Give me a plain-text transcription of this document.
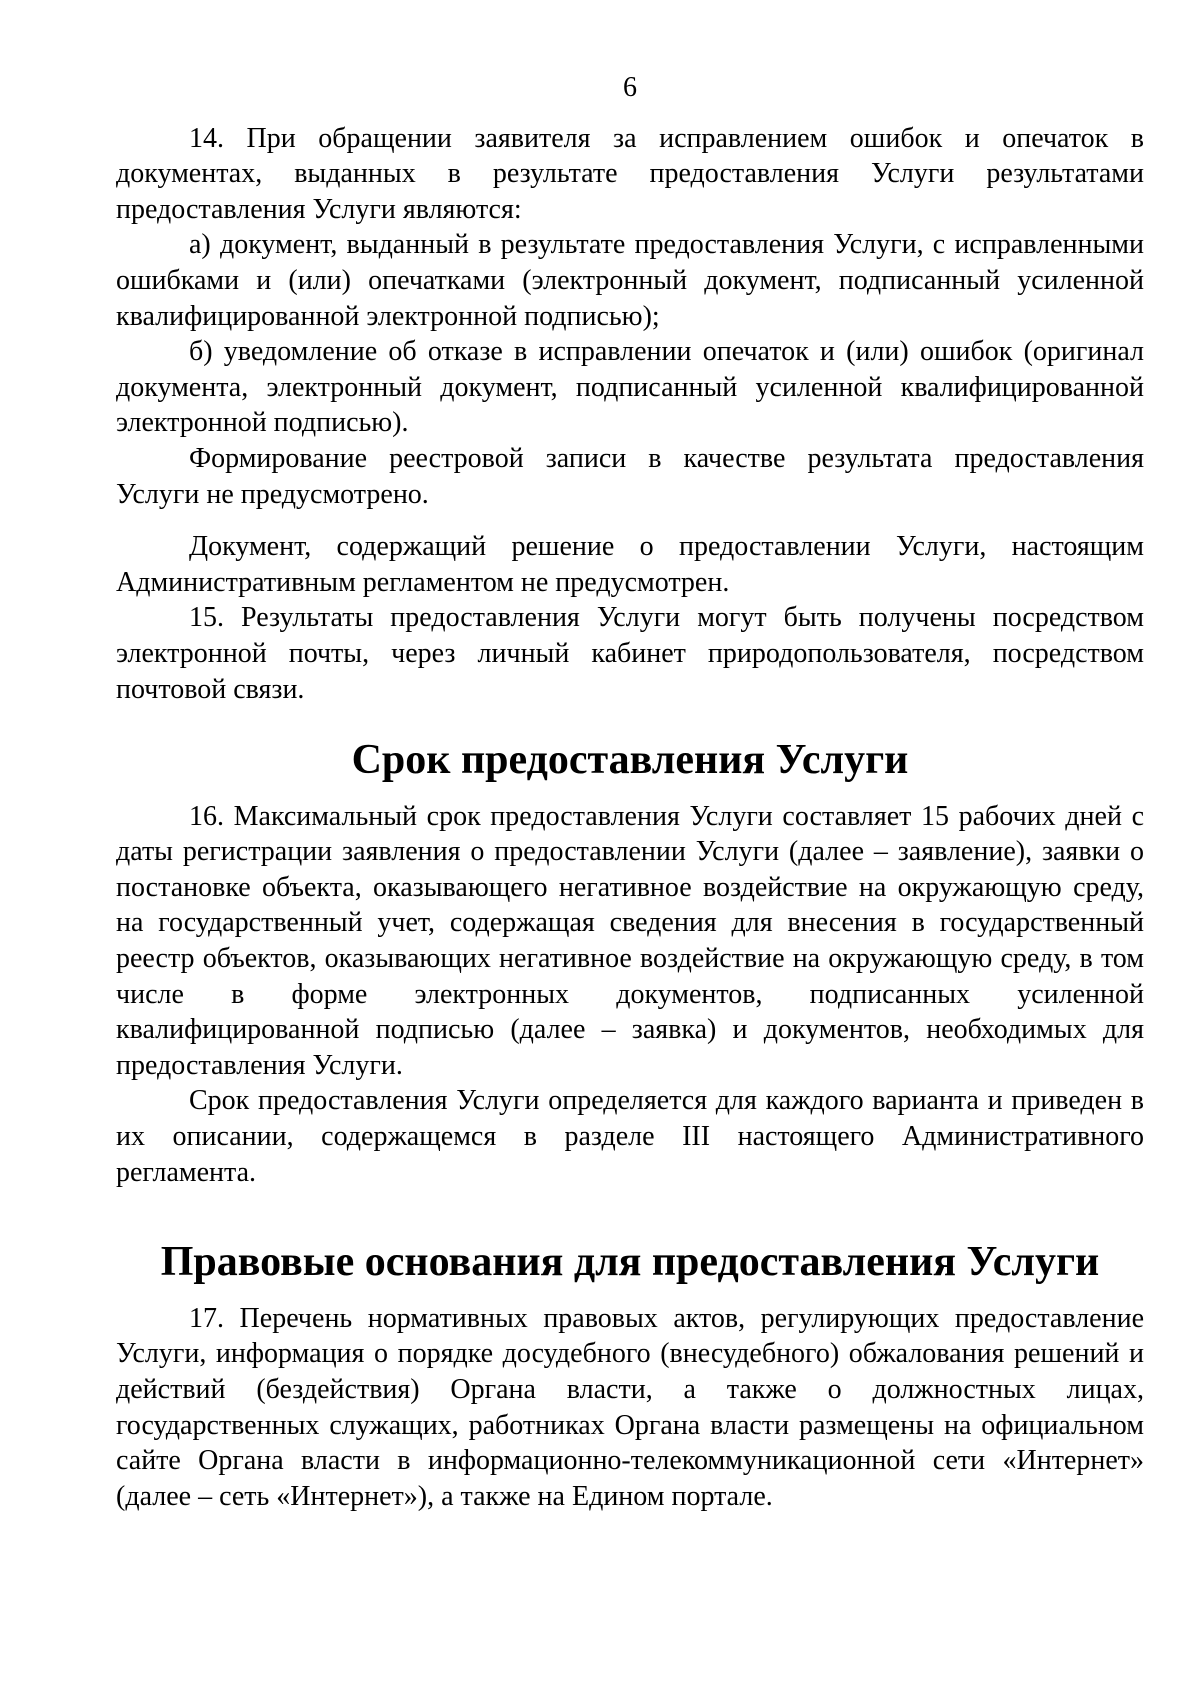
6

14. При обращении заявителя за исправлением ошибок и опечаток в документах, выданных в результате предоставления Услуги результатами предоставления Услуги являются:

а) документ, выданный в результате предоставления Услуги, с исправленными ошибками и (или) опечатками (электронный документ, подписанный усиленной квалифицированной электронной подписью);

б) уведомление об отказе в исправлении опечаток и (или) ошибок (оригинал документа, электронный документ, подписанный усиленной квалифицированной электронной подписью).

Формирование реестровой записи в качестве результата предоставления Услуги не предусмотрено.

Документ, содержащий решение о предоставлении Услуги, настоящим Административным регламентом не предусмотрен.

15. Результаты предоставления Услуги могут быть получены посредством электронной почты, через личный кабинет природопользователя, посредством почтовой связи.

Срок предоставления Услуги

16. Максимальный срок предоставления Услуги составляет 15 рабочих дней с даты регистрации заявления о предоставлении Услуги (далее – заявление), заявки о постановке объекта, оказывающего негативное воздействие на окружающую среду, на государственный учет, содержащая сведения для внесения в государственный реестр объектов, оказывающих негативное воздействие на окружающую среду, в том числе в форме электронных документов, подписанных усиленной квалифицированной подписью (далее – заявка) и документов, необходимых для предоставления Услуги.

Срок предоставления Услуги определяется для каждого варианта и приведен в их описании, содержащемся в разделе III настоящего Административного регламента.

Правовые основания для предоставления Услуги

17. Перечень нормативных правовых актов, регулирующих предоставление Услуги, информация о порядке досудебного (внесудебного) обжалования решений и действий (бездействия) Органа власти, а также о должностных лицах, государственных служащих, работниках Органа власти размещены на официальном сайте Органа власти в информационно-телекоммуникационной сети «Интернет» (далее – сеть «Интернет»), а также на Едином портале.
